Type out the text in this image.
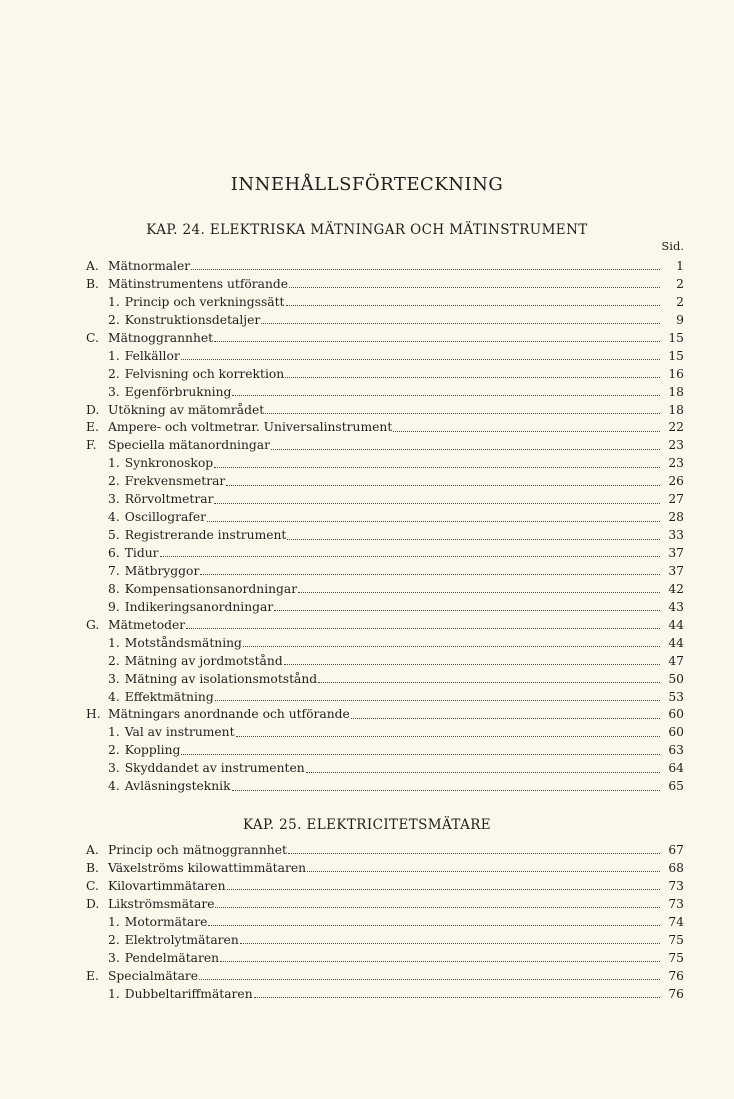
INNEHÅLLSFÖRTECKNING
KAP. 24. ELEKTRISKA MÄTNINGAR OCH MÄTINSTRUMENT
Sid.
A. Mätnormaler	1
B. Mätinstrumentens utförande	2
1. Princip och verkningssätt	2
2. Konstruktionsdetaljer	9
C. Mätnoggrannhet	15
1. Felkällor	15
2. Felvisning och korrektion	16
3. Egenförbrukning	18
D. Utökning av mätområdet	18
E. Ampere- och voltmetrar. Universalinstrument	22
F. Speciella mätanordningar	23
1. Synkronoskop	23
2. Frekvensmetrar	26
3. Rörvoltmetrar	27
4. Oscillografer	28
5. Registrerande instrument	33
6. Tidur	37
7. Mätbryggor	37
8. Kompensationsanordningar	42
9. Indikeringsanordningar	43
G. Mätmetoder	44
1. Motståndsmätning	44
2. Mätning av jordmotstånd	47
3. Mätning av isolationsmotstånd	50
4. Effektmätning	53
H. Mätningars anordnande och utförande	60
1. Val av instrument	60
2. Koppling	63
3. Skyddandet av instrumenten	64
4. Avläsningsteknik	65
KAP. 25. ELEKTRICITETSMÄTARE
A. Princip och mätnoggrannhet	67
B. Växelströms kilowattimmätaren	68
C. Kilovartimmätaren	73
D. Likströmsmätare	73
1. Motormätare	74
2. Elektrolytmätaren	75
3. Pendelmätaren	75
E. Specialmätare	76
1. Dubbeltariffmätaren	76
